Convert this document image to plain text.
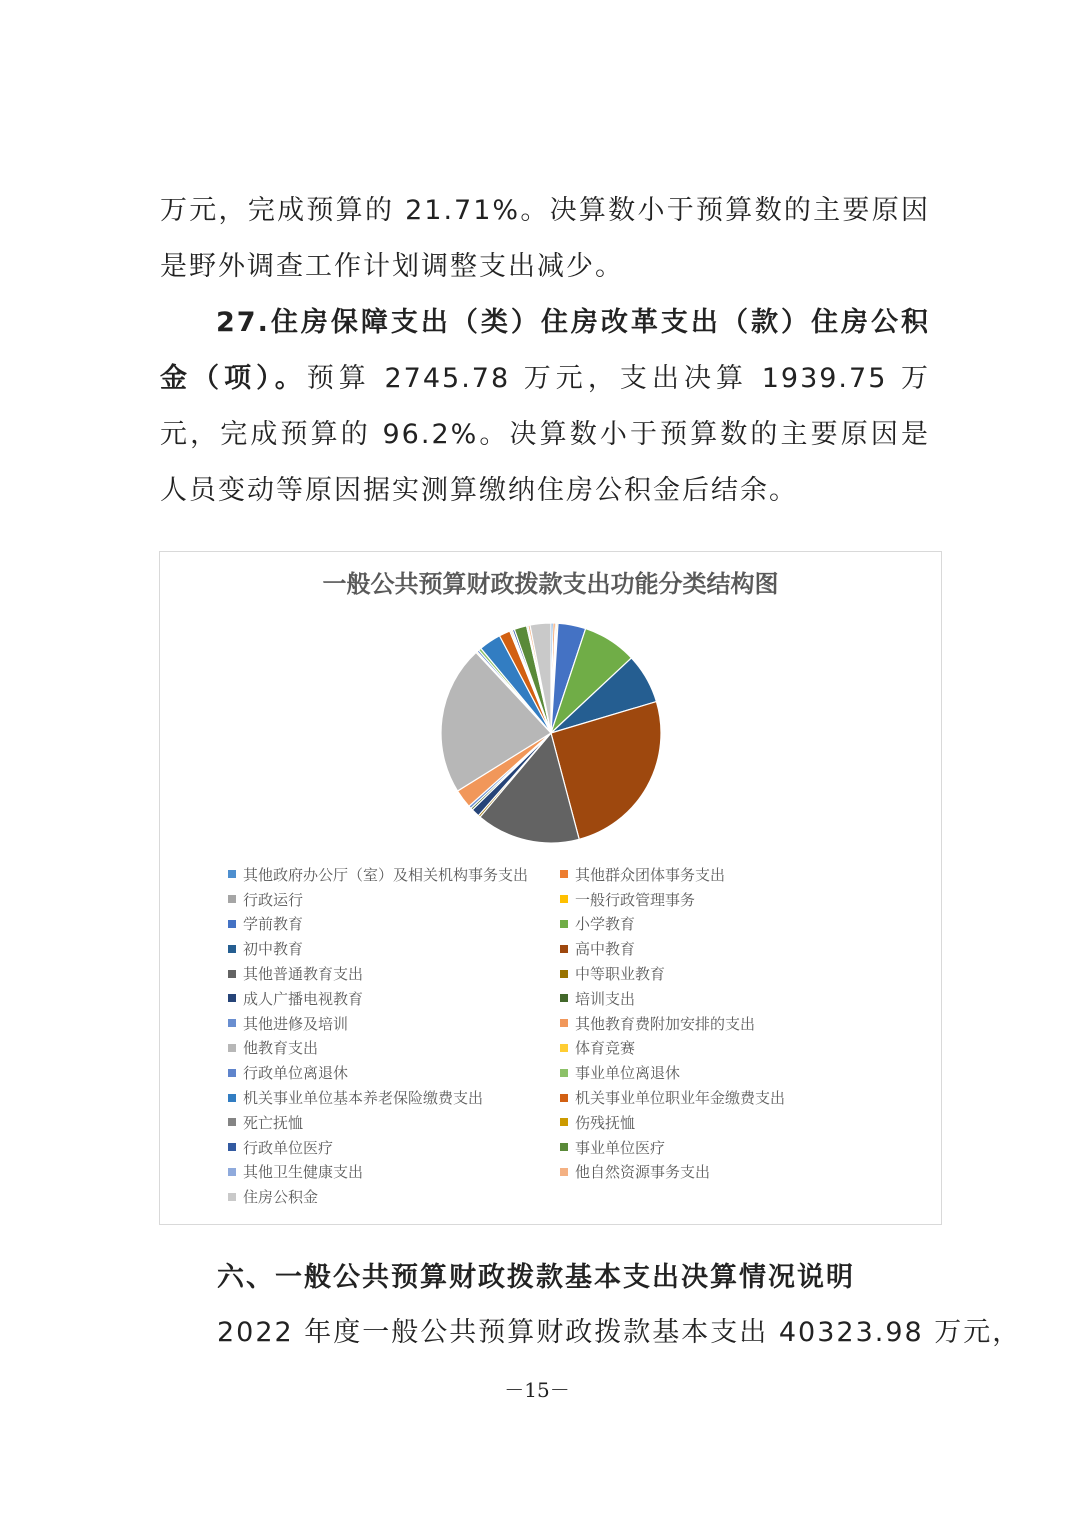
万元，完成预算的 21.71%。决算数小于预算数的主要原因是野外调查工作计划调整支出减少。
27.住房保障支出（类）住房改革支出（款）住房公积金（项）。预算 2745.78 万元，支出决算 1939.75 万元，完成预算的 96.2%。决算数小于预算数的主要原因是人员变动等原因据实测算缴纳住房公积金后结余。
一般公共预算财政拨款支出功能分类结构图
其他政府办公厅（室）及相关机构事务支出	其他群众团体事务支出
行政运行	一般行政管理事务
学前教育	小学教育
初中教育	高中教育
其他普通教育支出	中等职业教育
成人广播电视教育	培训支出
其他进修及培训	其他教育费附加安排的支出
他教育支出	体育竞赛
行政单位离退休	事业单位离退休
机关事业单位基本养老保险缴费支出	机关事业单位职业年金缴费支出
死亡抚恤	伤残抚恤
行政单位医疗	事业单位医疗
其他卫生健康支出	他自然资源事务支出
住房公积金
六、一般公共预算财政拨款基本支出决算情况说明
2022 年度一般公共预算财政拨款基本支出 40323.98 万元，
－15－
